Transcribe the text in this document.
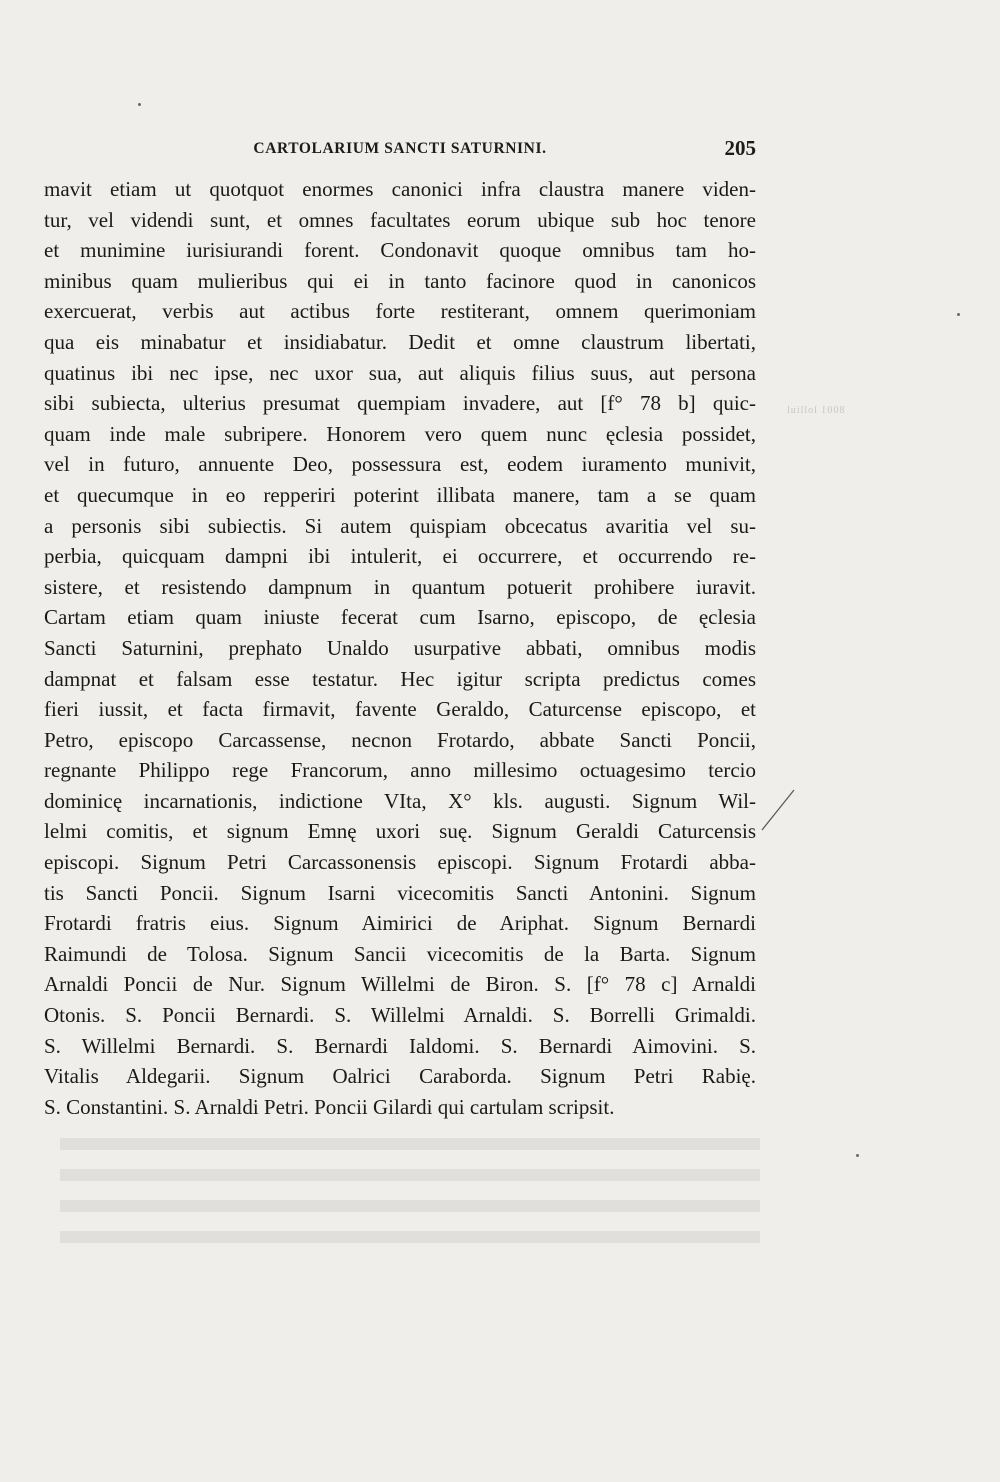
CARTOLARIUM SANCTI SATURNINI.	205
mavit etiam ut quotquot enormes canonici infra claustra manere viden-
tur, vel videndi sunt, et omnes facultates eorum ubique sub hoc tenore
et munimine iurisiurandi forent. Condonavit quoque omnibus tam ho-
minibus quam mulieribus qui ei in tanto facinore quod in canonicos
exercuerat, verbis aut actibus forte restiterant, omnem querimoniam
qua eis minabatur et insidiabatur. Dedit et omne claustrum libertati,
quatinus ibi nec ipse, nec uxor sua, aut aliquis filius suus, aut persona
sibi subiecta, ulterius presumat quempiam invadere, aut [f° 78 b] quic-
quam inde male subripere. Honorem vero quem nunc ęclesia possidet,
vel in futuro, annuente Deo, possessura est, eodem iuramento munivit,
et quecumque in eo repperiri poterint illibata manere, tam a se quam
a personis sibi subiectis. Si autem quispiam obcecatus avaritia vel su-
perbia, quicquam dampni ibi intulerit, ei occurrere, et occurrendo re-
sistere, et resistendo dampnum in quantum potuerit prohibere iuravit.
Cartam etiam quam iniuste fecerat cum Isarno, episcopo, de ęclesia
Sancti Saturnini, prephato Unaldo usurpative abbati, omnibus modis
dampnat et falsam esse testatur. Hec igitur scripta predictus comes
fieri iussit, et facta firmavit, favente Geraldo, Caturcense episcopo, et
Petro, episcopo Carcassense, necnon Frotardo, abbate Sancti Poncii,
regnante Philippo rege Francorum, anno millesimo octuagesimo tercio
dominicę incarnationis, indictione VIta, X° kls. augusti. Signum Wil-
lelmi comitis, et signum Emnę uxori suę. Signum Geraldi Caturcensis
episcopi. Signum Petri Carcassonensis episcopi. Signum Frotardi abba-
tis Sancti Poncii. Signum Isarni vicecomitis Sancti Antonini. Signum
Frotardi fratris eius. Signum Aimirici de Ariphat. Signum Bernardi
Raimundi de Tolosa. Signum Sancii vicecomitis de la Barta. Signum
Arnaldi Poncii de Nur. Signum Willelmi de Biron. S. [f° 78 c] Arnaldi
Otonis. S. Poncii Bernardi. S. Willelmi Arnaldi. S. Borrelli Grimaldi.
S. Willelmi Bernardi. S. Bernardi Ialdomi. S. Bernardi Aimovini. S.
Vitalis Aldegarii. Signum Oalrici Caraborda. Signum Petri Rabię.
S. Constantini. S. Arnaldi Petri. Poncii Gilardi qui cartulam scripsit.
8001 lolliul
